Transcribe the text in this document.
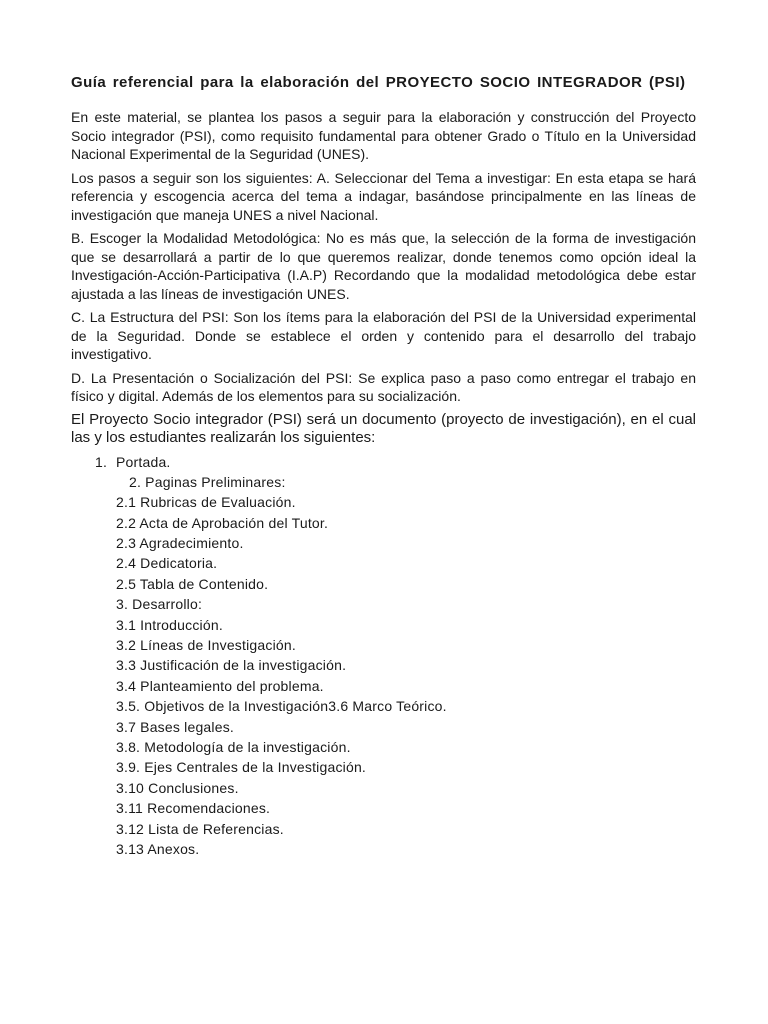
Guía referencial para la elaboración del PROYECTO SOCIO INTEGRADOR (PSI)

En este material, se plantea los pasos a seguir para la elaboración y construcción del Proyecto Socio integrador (PSI), como requisito fundamental para obtener Grado o Título en la Universidad Nacional Experimental de la Seguridad (UNES).

Los pasos a seguir son los siguientes: A. Seleccionar del Tema a investigar: En esta etapa se hará referencia y escogencia acerca del tema a indagar, basándose principalmente en las líneas de investigación que maneja UNES a nivel Nacional.

B. Escoger la Modalidad Metodológica: No es más que, la selección de la forma de investigación que se desarrollará a partir de lo que queremos realizar, donde tenemos como opción ideal la Investigación-Acción-Participativa (I.A.P) Recordando que la modalidad metodológica debe estar ajustada a las líneas de investigación UNES.

C. La Estructura del PSI: Son los ítems para la elaboración del PSI de la Universidad experimental de la Seguridad. Donde se establece el orden y contenido para el desarrollo del trabajo investigativo.

D. La Presentación o Socialización del PSI: Se explica paso a paso como entregar el trabajo en físico y digital. Además de los elementos para su socialización.

El Proyecto Socio integrador (PSI) será un documento (proyecto de investigación), en el cual las y los estudiantes realizarán los siguientes:

1. Portada.
2. Paginas Preliminares:
2.1 Rubricas de Evaluación.
2.2 Acta de Aprobación del Tutor.
2.3 Agradecimiento.
2.4 Dedicatoria.
2.5 Tabla de Contenido.
3. Desarrollo:
3.1 Introducción.
3.2 Líneas de Investigación.
3.3 Justificación de la investigación.
3.4 Planteamiento del problema.
3.5. Objetivos de la Investigación3.6 Marco Teórico.
3.7 Bases legales.
3.8. Metodología de la investigación.
3.9. Ejes Centrales de la Investigación.
3.10 Conclusiones.
3.11 Recomendaciones.
3.12 Lista de Referencias.
3.13 Anexos.
